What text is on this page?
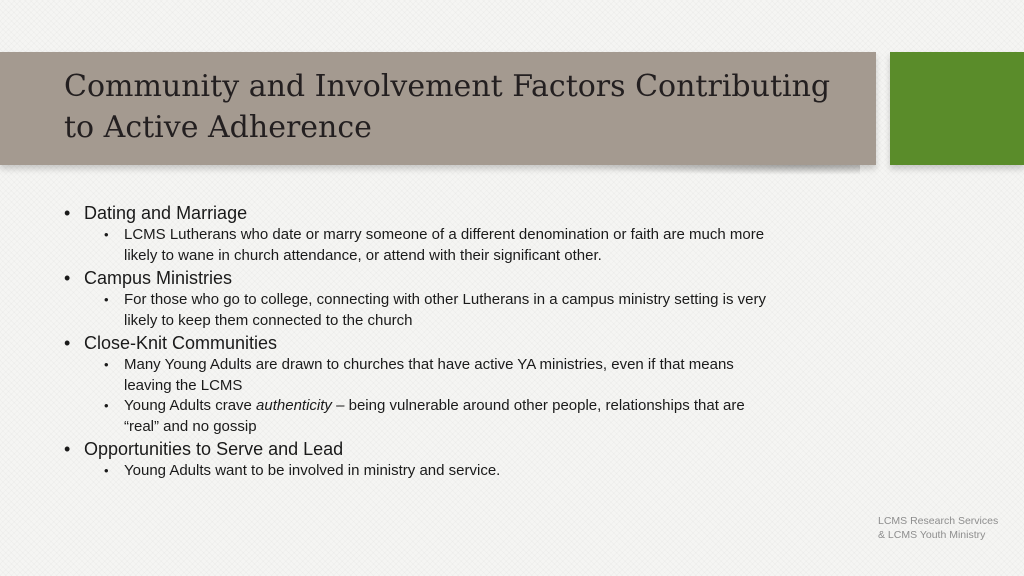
Community and Involvement Factors Contributing
to Active Adherence
• Dating and Marriage
• LCMS Lutherans who date or marry someone of a different denomination or faith are much more
likely to wane in church attendance, or attend with their significant other.
• Campus Ministries
• For those who go to college, connecting with other Lutherans in a campus ministry setting is very
likely to keep them connected to the church
• Close-Knit Communities
• Many Young Adults are drawn to churches that have active YA ministries, even if that means
leaving the LCMS
• Young Adults crave authenticity – being vulnerable around other people, relationships that are
“real” and no gossip
• Opportunities to Serve and Lead
• Young Adults want to be involved in ministry and service.
LCMS Research Services
& LCMS Youth Ministry
